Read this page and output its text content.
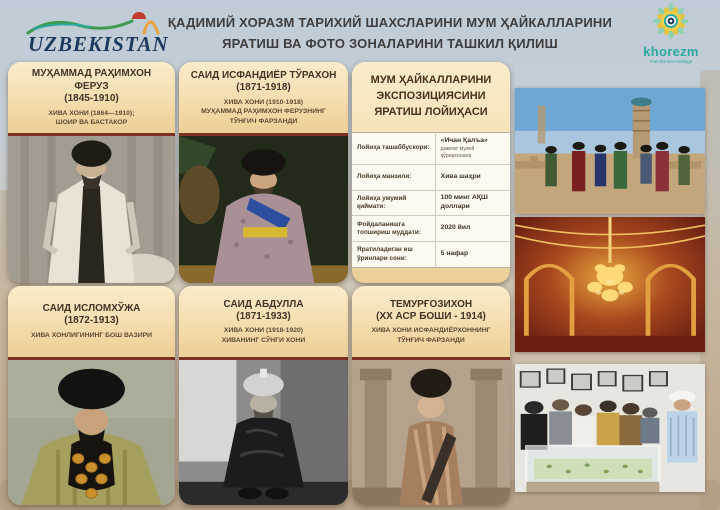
UZBEKISTAN
ҚАДИМИЙ ХОРАЗМ ТАРИХИЙ ШАХСЛАРИНИ МУМ ҲАЙКАЛЛАРИНИ
ЯРАТИШ ВА ФОТО ЗОНАЛАРИНИ ТАШКИЛ ҚИЛИШ
khorezm
Feel the live Heritage
МУҲАММАД РАҲИМХОН ФЕРУЗ
(1845-1910)
ХИВА ХОНИ (1864—1910);
ШОИР ВА БАСТАКОР
САИД ИСФАНДИЁР ТЎРАХОН
(1871-1918)
ХИВА ХОНИ (1910-1918)
МУҲАММАД РАҲИМХОН ФЕРУЗНИНГ ТЎНҒИЧ ФАРЗАНДИ
МУМ ҲАЙКАЛЛАРИНИ
ЭКСПОЗИЦИЯСИНИ
ЯРАТИШ ЛОЙИҲАСИ
Лойиҳа ташаббускори:
«Ичан Қалъа»
давлат музей қўриқхонаси
Лойиҳа манзили:	Хива шаҳри
Лойиҳа умумий қиймати:
100 минг АҚШ доллари
Фойдаланишга топшириш муддати:
2020 йил
Яратиладиган иш ўринлари сони:
5 нафар
САИД ИСЛОМХЎЖА
(1872-1913)
ХИВА ХОНЛИГИНИНГ БОШ ВАЗИРИ
САИД АБДУЛЛА
(1871-1933)
ХИВА ХОНИ (1918-1920)
ХИВАНИНГ СЎНГИ ХОНИ
ТЕМУРҒОЗИХОН
(XX АСР БОШИ - 1914)
ХИВА ХОНИ ИСФАНДИЁРХОННИНГ
ТЎНҒИЧ ФАРЗАНДИ
